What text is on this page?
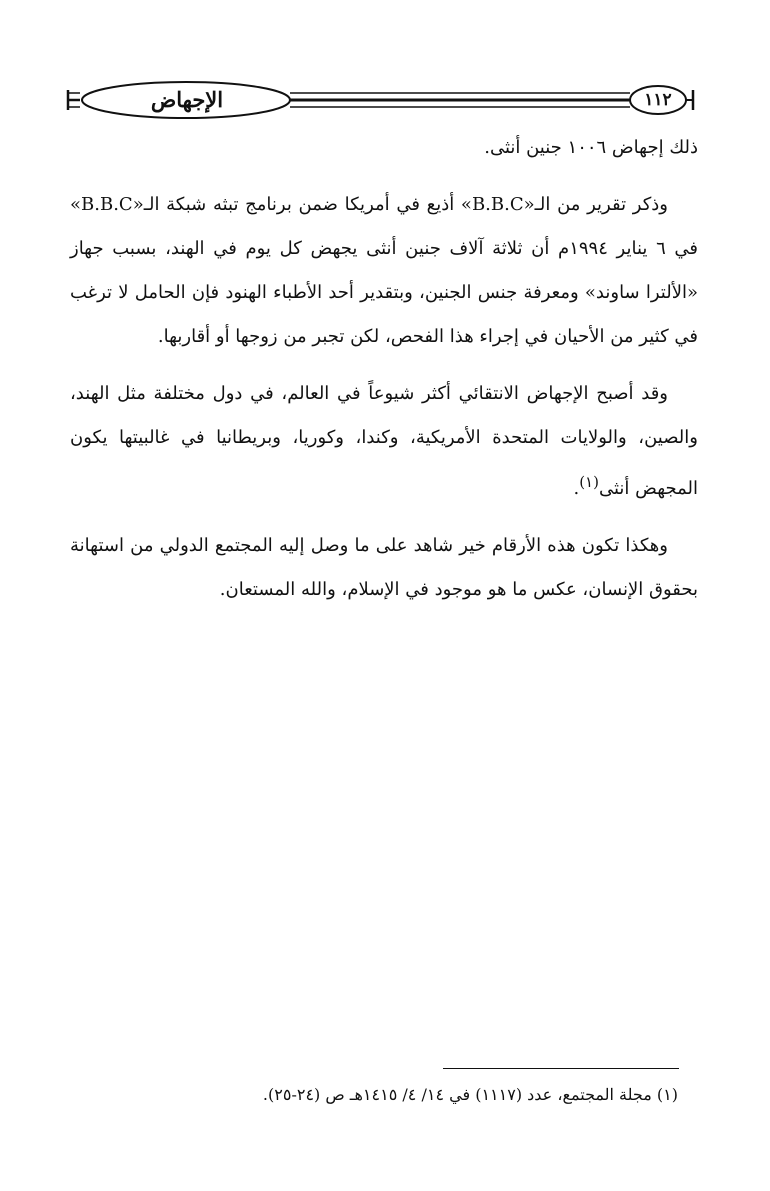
الإجهاض	١١٢

ذلك إجهاض ١٠٠٦ جنين أنثى.

وذكر تقرير من الـ«B.B.C» أذيع في أمريكا ضمن برنامج تبثه شبكة الـ«B.B.C» في ٦ يناير ١٩٩٤م أن ثلاثة آلاف جنين أنثى يجهض كل يوم في الهند، بسبب جهاز «الألترا ساوند» ومعرفة جنس الجنين، وبتقدير أحد الأطباء الهنود فإن الحامل لا ترغب في كثير من الأحيان في إجراء هذا الفحص، لكن تجبر من زوجها أو أقاربها.

وقد أصبح الإجهاض الانتقائي أكثر شيوعاً في العالم، في دول مختلفة مثل الهند، والصين، والولايات المتحدة الأمريكية، وكندا، وكوريا، وبريطانيا في غالبيتها يكون المجهض أنثى$^{(١)}$.

وهكذا تكون هذه الأرقام خير شاهد على ما وصل إليه المجتمع الدولي من استهانة بحقوق الإنسان، عكس ما هو موجود في الإسلام، والله المستعان.

(١) مجلة المجتمع، عدد (١١١٧) في ١٤/ ٤/ ١٤١٥هـ ص (٢٤-٢٥).
